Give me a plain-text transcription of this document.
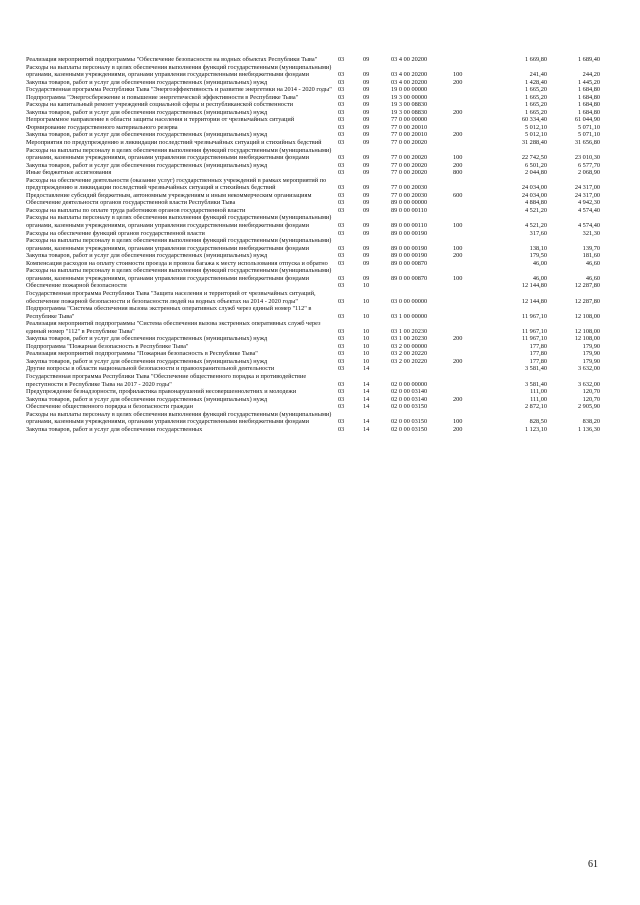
Реализация мероприятий подпрограммы "Обеспечение безопасности на водных объектах Республики Тыва"	03	09	03 4 00 20200		1 669,80	1 689,40
Расходы на выплаты персоналу в целях обеспечения выполнения функций государственными (муниципальными) органами, казенными учреждениями, органами управления государственными внебюджетными фондами	03	09	03 4 00 20200	100	241,40	244,20
Закупка товаров, работ и услуг для обеспечения государственных (муниципальных) нужд	03	09	03 4 00 20200	200	1 428,40	1 445,20
Государственная программа Республики Тыва "Энергоэффективность и развитие энергетики на 2014 - 2020 годы"	03	09	19 0 00 00000		1 665,20	1 684,80
Подпрограмма "Энергосбережение и повышение энергетической эффективности в Республике Тыва"	03	09	19 3 00 00000		1 665,20	1 684,80
Расходы на капитальный ремонт учреждений социальной сферы и республиканской собственности	03	09	19 3 00 08830		1 665,20	1 684,80
Закупка товаров, работ и услуг для обеспечения государственных (муниципальных) нужд	03	09	19 3 00 08830	200	1 665,20	1 684,80
Непрограммное направление в области защиты населения и территории от чрезвычайных ситуаций	03	09	77 0 00 00000		60 334,40	61 044,90
Формирование государственного материального резерва	03	09	77 0 00 20010		5 012,10	5 071,10
Закупка товаров, работ и услуг для обеспечения государственных (муниципальных) нужд	03	09	77 0 00 20010	200	5 012,10	5 071,10
Мероприятия по предупреждению и ликвидации последствий чрезвычайных ситуаций и стихийных бедствий	03	09	77 0 00 20020		31 288,40	31 656,80
Расходы на выплаты персоналу в целях обеспечения выполнения функций государственными (муниципальными) органами, казенными учреждениями, органами управления государственными внебюджетными фондами	03	09	77 0 00 20020	100	22 742,50	23 010,30
Закупка товаров, работ и услуг для обеспечения государственных (муниципальных) нужд	03	09	77 0 00 20020	200	6 501,20	6 577,70
Иные бюджетные ассигнования	03	09	77 0 00 20020	800	2 044,80	2 068,90
Расходы на обеспечение деятельности (оказание услуг) государственных учреждений в рамках мероприятий по предупреждению и ликвидации последствий чрезвычайных ситуаций и стихийных бедствий	03	09	77 0 00 20030		24 034,00	24 317,00
Предоставление субсидий бюджетным, автономным учреждениям и иным некоммерческим организациям	03	09	77 0 00 20030	600	24 034,00	24 317,00
Обеспечение деятельности органов государственной власти Республики Тыва	03	09	89 0 00 00000		4 884,80	4 942,30
Расходы на выплаты по оплате труда работников органов государственной власти	03	09	89 0 00 00110		4 521,20	4 574,40
Расходы на выплаты персоналу в целях обеспечения выполнения функций государственными (муниципальными) органами, казенными учреждениями, органами управления государственными внебюджетными фондами	03	09	89 0 00 00110	100	4 521,20	4 574,40
Расходы на обеспечение функций органов государственной власти	03	09	89 0 00 00190		317,60	321,30
Расходы на выплаты персоналу в целях обеспечения выполнения функций государственными (муниципальными) органами, казенными учреждениями, органами управления государственными внебюджетными фондами	03	09	89 0 00 00190	100	138,10	139,70
Закупка товаров, работ и услуг для обеспечения государственных (муниципальных) нужд	03	09	89 0 00 00190	200	179,50	181,60
Компенсация расходов на оплату стоимости проезда и провоза багажа к месту использования отпуска и обратно	03	09	89 0 00 00870		46,00	46,60
Расходы на выплаты персоналу в целях обеспечения выполнения функций государственными (муниципальными) органами, казенными учреждениями, органами управления государственными внебюджетными фондами	03	09	89 0 00 00870	100	46,00	46,60
Обеспечение пожарной безопасности	03	10			12 144,80	12 287,80
Государственная программа Республики Тыва "Защита населения и территорий от чрезвычайных ситуаций, обеспечение пожарной безопасности и безопасности людей на водных объектах на 2014 - 2020 годы"	03	10	03 0 00 00000		12 144,80	12 287,80
Подпрограмма "Система обеспечения вызова экстренных оперативных служб через единый номер "112" в Республике Тыва"	03	10	03 1 00 00000		11 967,10	12 108,00
Реализация мероприятий подпрограммы "Система обеспечения вызова экстренных оперативных служб через единый номер "112" в Республике Тыва"	03	10	03 1 00 20230		11 967,10	12 108,00
Закупка товаров, работ и услуг для обеспечения государственных (муниципальных) нужд	03	10	03 1 00 20230	200	11 967,10	12 108,00
Подпрограмма "Пожарная безопасность в Республике Тыва"	03	10	03 2 00 00000		177,80	179,90
Реализация мероприятий подпрограммы "Пожарная безопасность в Республике Тыва"	03	10	03 2 00 20220		177,80	179,90
Закупка товаров, работ и услуг для обеспечения государственных (муниципальных) нужд	03	10	03 2 00 20220	200	177,80	179,90
Другие вопросы в области национальной безопасности и правоохранительной деятельности	03	14			3 581,40	3 632,00
Государственная программа Республики Тыва "Обеспечение общественного порядка и противодействие преступности в Республике Тыва на 2017 - 2020 годы"	03	14	02 0 00 00000		3 581,40	3 632,00
Предупреждение безнадзорности, профилактика правонарушений несовершеннолетних и молодежи	03	14	02 0 00 03140		111,00	120,70
Закупка товаров, работ и услуг для обеспечения государственных (муниципальных) нужд	03	14	02 0 00 03140	200	111,00	120,70
Обеспечение общественного порядка и безопасности граждан	03	14	02 0 00 03150		2 872,10	2 905,90
Расходы на выплаты персоналу в целях обеспечения выполнения функций государственными (муниципальными) органами, казенными учреждениями, органами управления государственными внебюджетными фондами	03	14	02 0 00 03150	100	828,50	838,20
Закупка товаров, работ и услуг для обеспечения государственных	03	14	02 0 00 03150	200	1 123,10	1 136,30
61
